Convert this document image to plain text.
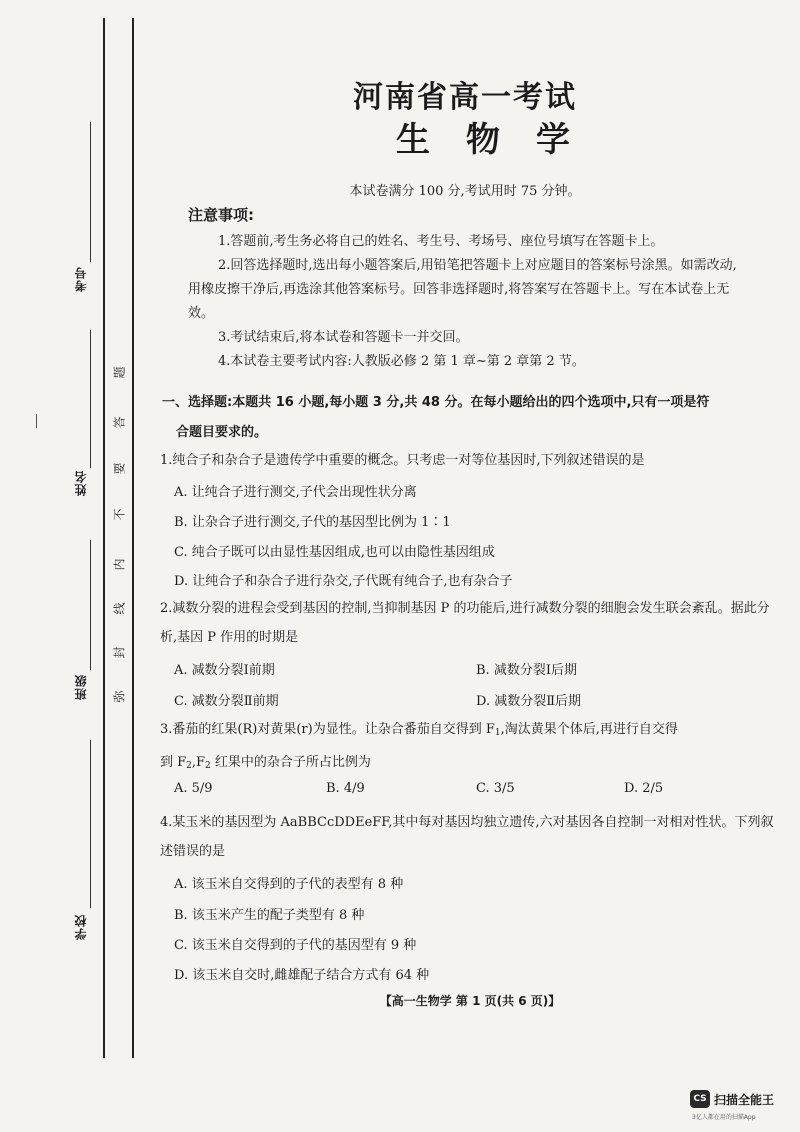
考号
姓名
班级
学校
弥
封
线
内
不
要
答
题
河南省高一考试
生物学
本试卷满分 100 分,考试用时 75 分钟。
注意事项:
1.答题前,考生务必将自己的姓名、考生号、考场号、座位号填写在答题卡上。
2.回答选择题时,选出每小题答案后,用铅笔把答题卡上对应题目的答案标号涂黑。如需改动,用橡皮擦干净后,再选涂其他答案标号。回答非选择题时,将答案写在答题卡上。写在本试卷上无效。
3.考试结束后,将本试卷和答题卡一并交回。
4.本试卷主要考试内容:人教版必修 2 第 1 章~第 2 章第 2 节。
一、选择题:本题共 16 小题,每小题 3 分,共 48 分。在每小题给出的四个选项中,只有一项是符
合题目要求的。
1.纯合子和杂合子是遗传学中重要的概念。只考虑一对等位基因时,下列叙述错误的是
A. 让纯合子进行测交,子代会出现性状分离
B. 让杂合子进行测交,子代的基因型比例为 1∶1
C. 纯合子既可以由显性基因组成,也可以由隐性基因组成
D. 让纯合子和杂合子进行杂交,子代既有纯合子,也有杂合子
2.减数分裂的进程会受到基因的控制,当抑制基因 P 的功能后,进行减数分裂的细胞会发生联会紊乱。据此分析,基因 P 作用的时期是
A. 减数分裂Ⅰ前期	B. 减数分裂Ⅰ后期
C. 减数分裂Ⅱ前期	D. 减数分裂Ⅱ后期
3.番茄的红果(R)对黄果(r)为显性。让杂合番茄自交得到 $F_1$,淘汰黄果个体后,再进行自交得
到 $F_2,F_2$ 红果中的杂合子所占比例为
A. 5/9	B. 4/9	C. 3/5	D. 2/5
4.某玉米的基因型为 AaBBCcDDEeFF,其中每对基因均独立遗传,六对基因各自控制一对相对性状。下列叙述错误的是
A. 该玉米自交得到的子代的表型有 8 种
B. 该玉米产生的配子类型有 8 种
C. 该玉米自交得到的子代的基因型有 9 种
D. 该玉米自交时,雌雄配子结合方式有 64 种
【高一生物学 第 1 页(共 6 页)】
CS 扫描全能王
3亿人都在用的扫描App
